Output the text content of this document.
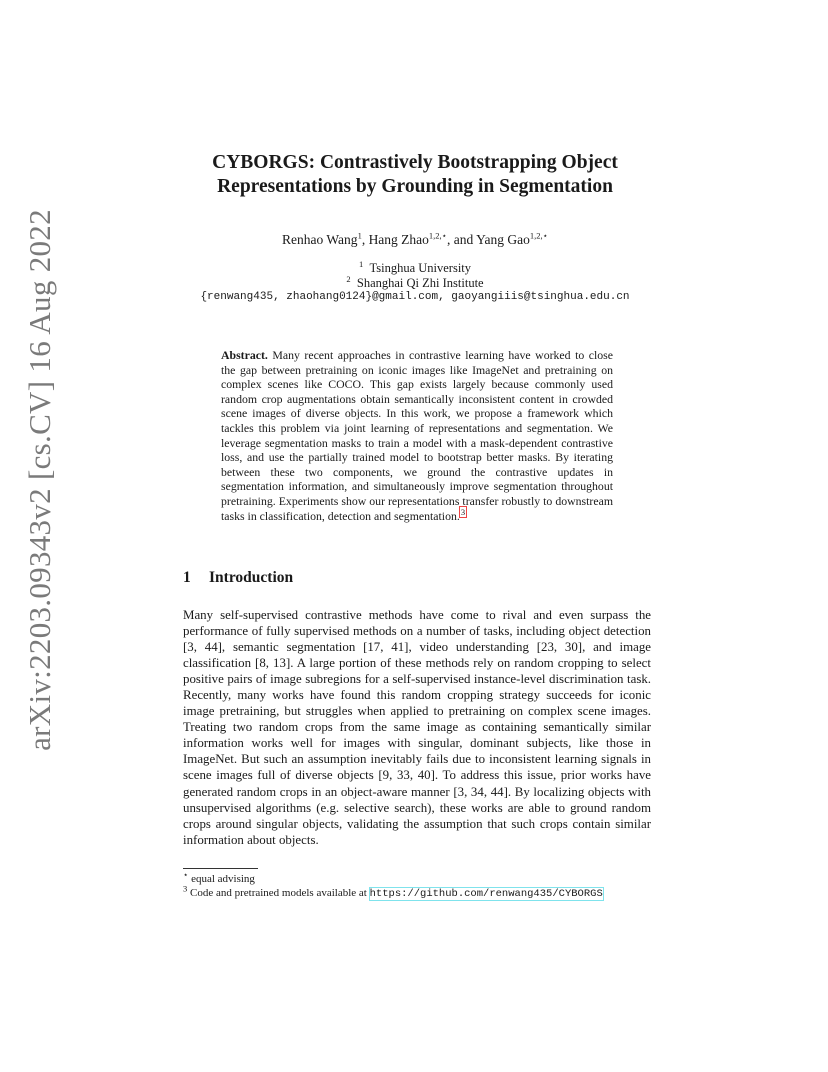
arXiv:2203.09343v2 [cs.CV] 16 Aug 2022
CYBORGS: Contrastively Bootstrapping Object
Representations by Grounding in Segmentation
Renhao Wang$^1$, Hang Zhao$^{1,2,⋆}$, and Yang Gao$^{1,2,⋆}$
$^1$ Tsinghua University
$^2$ Shanghai Qi Zhi Institute
{renwang435, zhaohang0124}@gmail.com, gaoyangiiis@tsinghua.edu.cn
Abstract. Many recent approaches in contrastive learning have worked to close the gap between pretraining on iconic images like ImageNet and pretraining on complex scenes like COCO. This gap exists largely because commonly used random crop augmentations obtain semantically inconsistent content in crowded scene images of diverse objects. In this work, we propose a framework which tackles this problem via joint learning of representations and segmentation. We leverage segmentation masks to train a model with a mask-dependent contrastive loss, and use the partially trained model to bootstrap better masks. By iterating between these two components, we ground the contrastive updates in segmentation information, and simultaneously improve segmentation throughout pretraining. Experiments show our representations transfer robustly to downstream tasks in classification, detection and segmentation.$^3$
1 Introduction

Many self-supervised contrastive methods have come to rival and even surpass the performance of fully supervised methods on a number of tasks, including object detection [3, 44], semantic segmentation [17, 41], video understanding [23, 30], and image classification [8, 13]. A large portion of these methods rely on random cropping to select positive pairs of image subregions for a self-supervised instance-level discrimination task. Recently, many works have found this random cropping strategy succeeds for iconic image pretraining, but struggles when applied to pretraining on complex scene images. Treating two random crops from the same image as containing semantically similar information works well for images with singular, dominant subjects, like those in ImageNet. But such an assumption inevitably fails due to inconsistent learning signals in scene images full of diverse objects [9, 33, 40]. To address this issue, prior works have generated random crops in an object-aware manner [3, 34, 44]. By localizing objects with unsupervised algorithms (e.g. selective search), these works are able to ground random crops around singular objects, validating the assumption that such crops contain similar information about objects.

⋆ equal advising
$^3$ Code and pretrained models available at https://github.com/renwang435/CYBORGS
